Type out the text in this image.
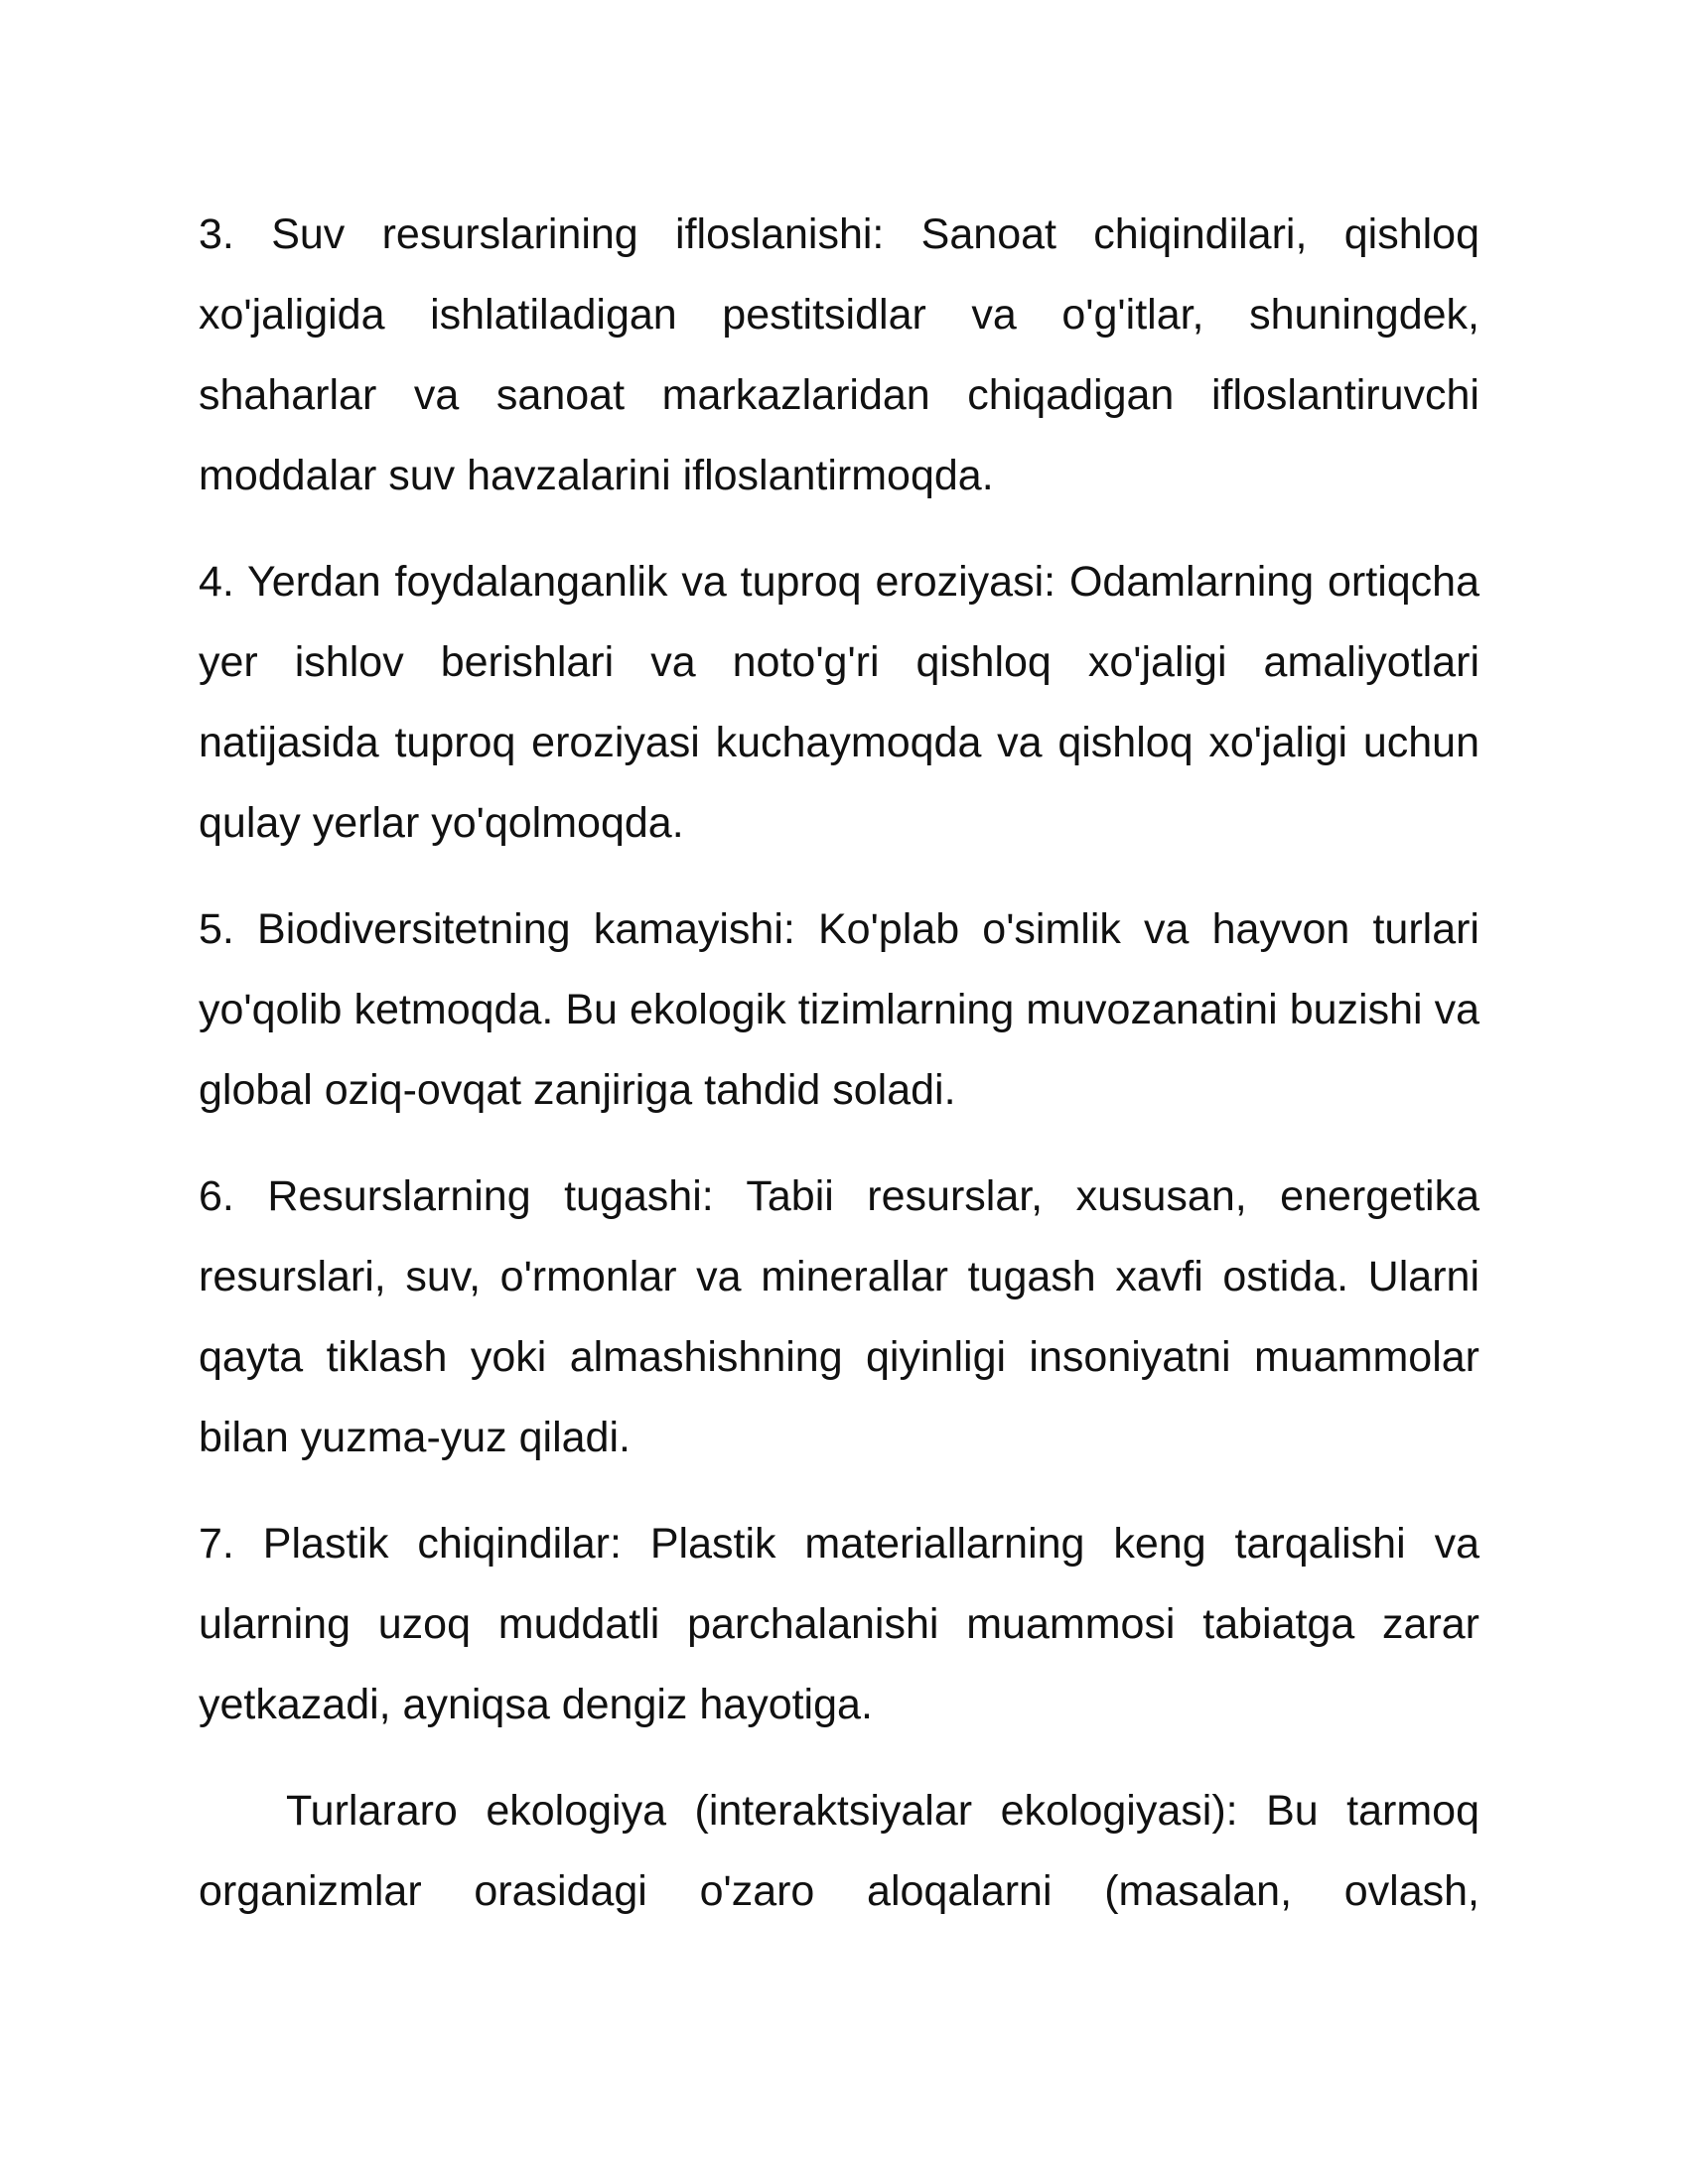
3. Suv resurslarining ifloslanishi: Sanoat chiqindilari, qishloq xo'jaligida ishlatiladigan pestitsidlar va o'g'itlar, shuningdek, shaharlar va sanoat markazlaridan chiqadigan ifloslantiruvchi moddalar suv havzalarini ifloslantirmoqda.

4. Yerdan foydalanganlik va tuproq eroziyasi: Odamlarning ortiqcha yer ishlov berishlari va noto'g'ri qishloq xo'jaligi amaliyotlari natijasida tuproq eroziyasi kuchaymoqda va qishloq xo'jaligi uchun qulay yerlar yo'qolmoqda.

5. Biodiversitetning kamayishi: Ko'plab o'simlik va hayvon turlari yo'qolib ketmoqda. Bu ekologik tizimlarning muvozanatini buzishi va global oziq-ovqat zanjiriga tahdid soladi.

6. Resurslarning tugashi: Tabii resurslar, xususan, energetika resurslari, suv, o'rmonlar va minerallar tugash xavfi ostida. Ularni qayta tiklash yoki almashishning qiyinligi insoniyatni muammolar bilan yuzma-yuz qiladi.

7. Plastik chiqindilar: Plastik materiallarning keng tarqalishi va ularning uzoq muddatli parchalanishi muammosi tabiatga zarar yetkazadi, ayniqsa dengiz hayotiga.

Turlararo ekologiya (interaktsiyalar ekologiyasi): Bu tarmoq organizmlar orasidagi o'zaro aloqalarni (masalan, ovlash,
